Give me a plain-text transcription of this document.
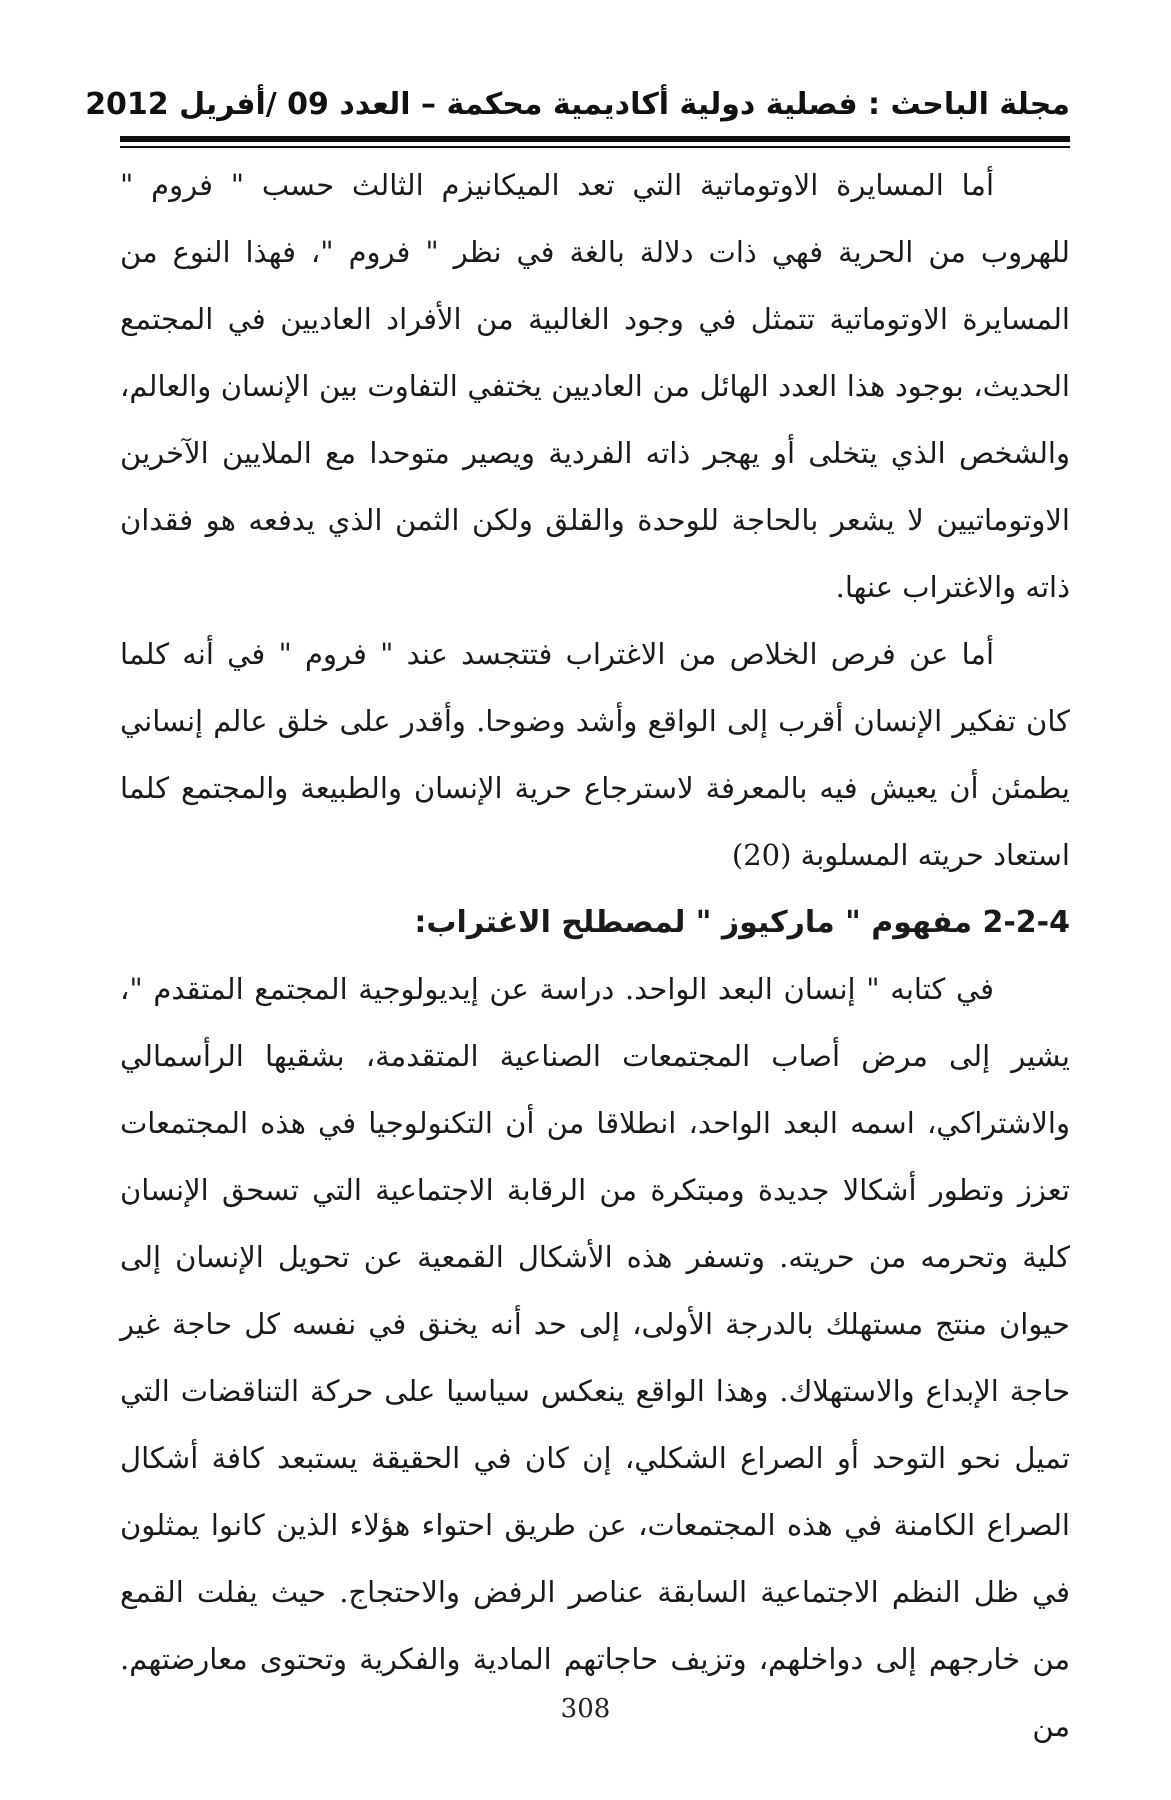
مجلة الباحث : فصلية دولية أكاديمية محكمة – العدد 09 /أفريل 2012

أما المسايرة الاوتوماتية التي تعد الميكانيزم الثالث حسب " فروم " للهروب من الحرية فهي ذات دلالة بالغة في نظر " فروم "، فهذا النوع من المسايرة الاوتوماتية تتمثل في وجود الغالبية من الأفراد العاديين في المجتمع الحديث، بوجود هذا العدد الهائل من العاديين يختفي التفاوت بين الإنسان والعالم، والشخص الذي يتخلى أو يهجر ذاته الفردية ويصير متوحدا مع الملايين الآخرين الاوتوماتيين لا يشعر بالحاجة للوحدة والقلق ولكن الثمن الذي يدفعه هو فقدان ذاته والاغتراب عنها.

أما عن فرص الخلاص من الاغتراب فتتجسد عند " فروم " في أنه كلما كان تفكير الإنسان أقرب إلى الواقع وأشد وضوحا. وأقدر على خلق عالم إنساني يطمئن أن يعيش فيه بالمعرفة لاسترجاع حرية الإنسان والطبيعة والمجتمع كلما استعاد حريته المسلوبة (20)

2-2-4 مفهوم " ماركيوز " لمصطلح الاغتراب:

في كتابه " إنسان البعد الواحد. دراسة عن إيديولوجية المجتمع المتقدم "، يشير إلى مرض أصاب المجتمعات الصناعية المتقدمة، بشقيها الرأسمالي والاشتراكي، اسمه البعد الواحد، انطلاقا من أن التكنولوجيا في هذه المجتمعات تعزز وتطور أشكالا جديدة ومبتكرة من الرقابة الاجتماعية التي تسحق الإنسان كلية وتحرمه من حريته. وتسفر هذه الأشكال القمعية عن تحويل الإنسان إلى حيوان منتج مستهلك بالدرجة الأولى، إلى حد أنه يخنق في نفسه كل حاجة غير حاجة الإبداع والاستهلاك. وهذا الواقع ينعكس سياسيا على حركة التناقضات التي تميل نحو التوحد أو الصراع الشكلي، إن كان في الحقيقة يستبعد كافة أشكال الصراع الكامنة في هذه المجتمعات، عن طريق احتواء هؤلاء الذين كانوا يمثلون في ظل النظم الاجتماعية السابقة عناصر الرفض والاحتجاج. حيث يفلت القمع من خارجهم إلى دواخلهم، وتزيف حاجاتهم المادية والفكرية وتحتوى معارضتهم. من

308
